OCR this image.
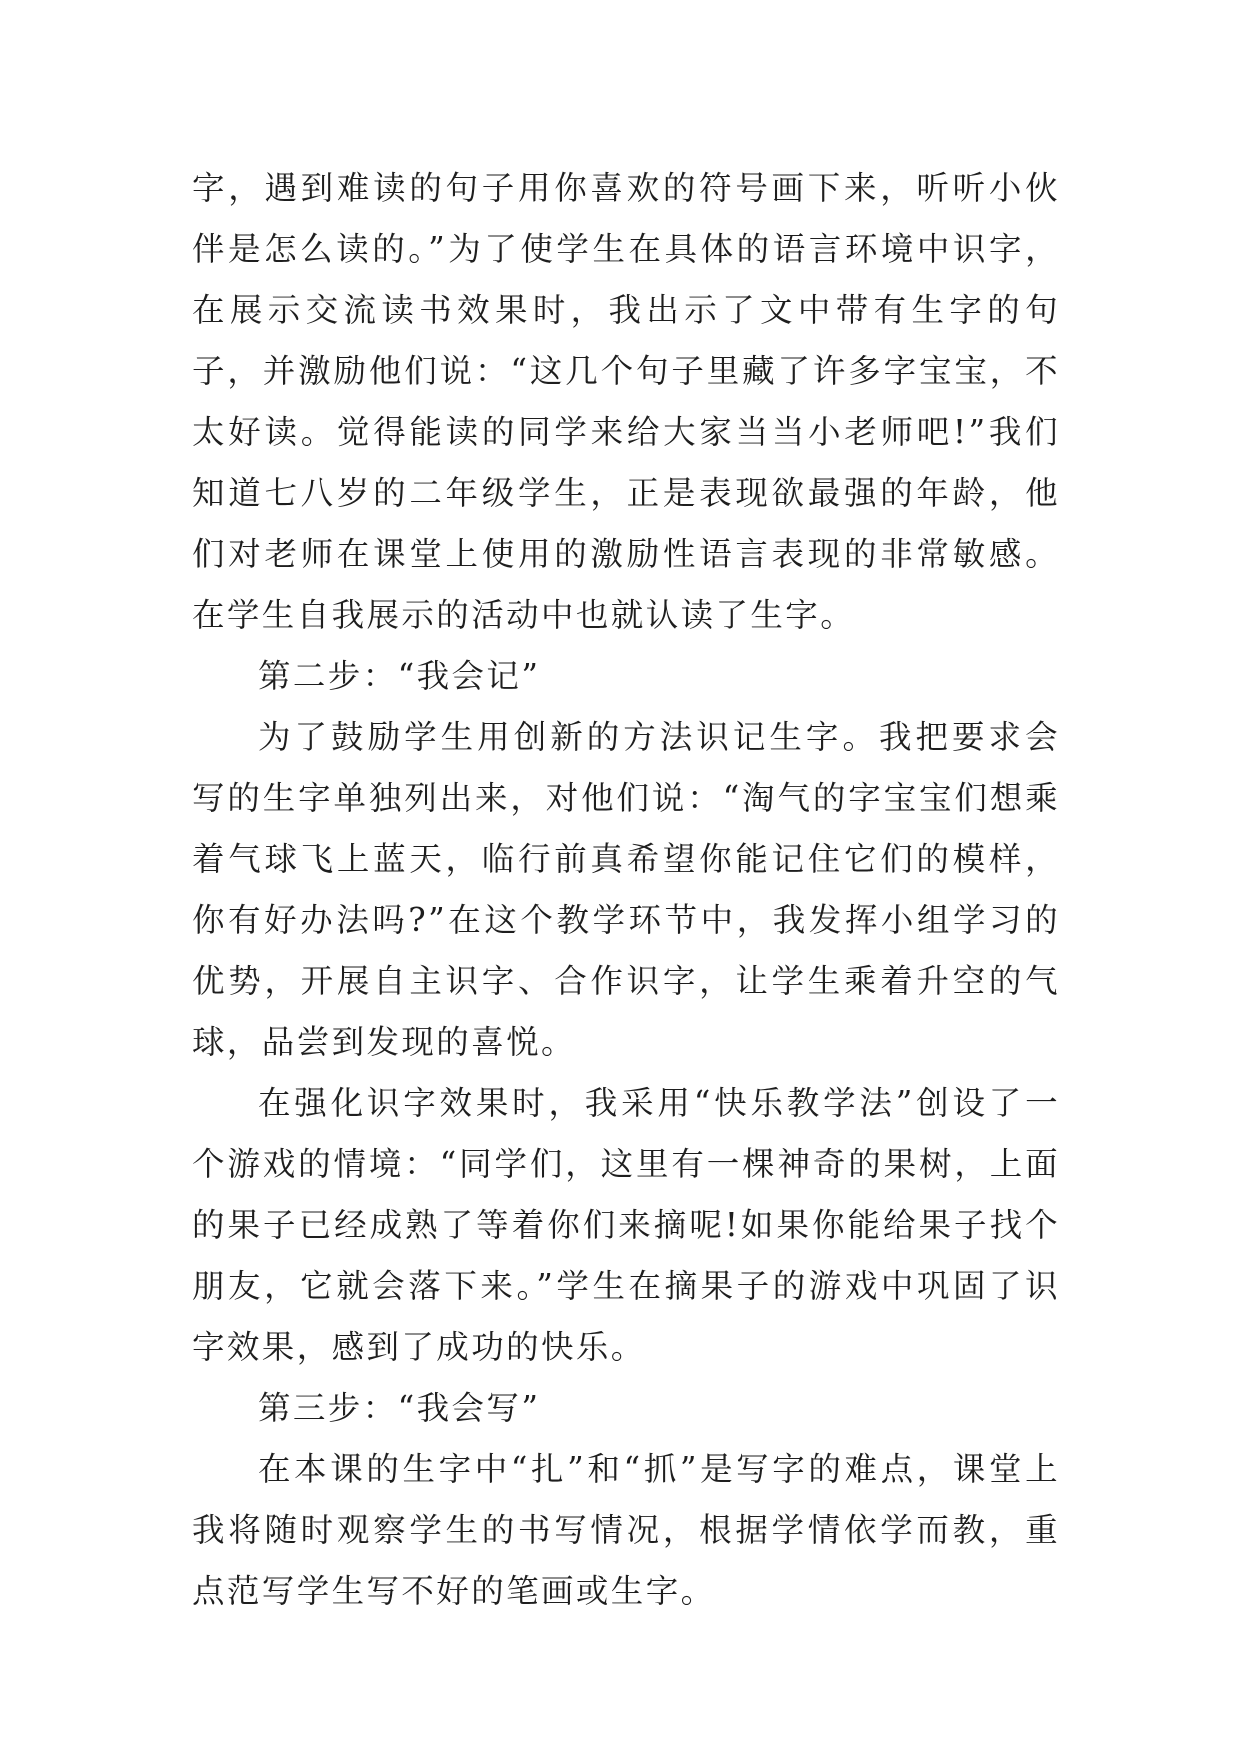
字，遇到难读的句子用你喜欢的符号画下来，听听小伙伴是怎么读的。”为了使学生在具体的语言环境中识字，在展示交流读书效果时，我出示了文中带有生字的句子，并激励他们说：“这几个句子里藏了许多字宝宝，不太好读。觉得能读的同学来给大家当当小老师吧!”我们知道七八岁的二年级学生，正是表现欲最强的年龄，他们对老师在课堂上使用的激励性语言表现的非常敏感。在学生自我展示的活动中也就认读了生字。

第二步：“我会记”

为了鼓励学生用创新的方法识记生字。我把要求会写的生字单独列出来，对他们说：“淘气的字宝宝们想乘着气球飞上蓝天，临行前真希望你能记住它们的模样，你有好办法吗?”在这个教学环节中，我发挥小组学习的优势，开展自主识字、合作识字，让学生乘着升空的气球，品尝到发现的喜悦。

在强化识字效果时，我采用“快乐教学法”创设了一个游戏的情境：“同学们，这里有一棵神奇的果树，上面的果子已经成熟了等着你们来摘呢!如果你能给果子找个朋友，它就会落下来。”学生在摘果子的游戏中巩固了识字效果，感到了成功的快乐。

第三步：“我会写”

在本课的生字中“扎”和“抓”是写字的难点，课堂上我将随时观察学生的书写情况，根据学情依学而教，重点范写学生写不好的笔画或生字。
